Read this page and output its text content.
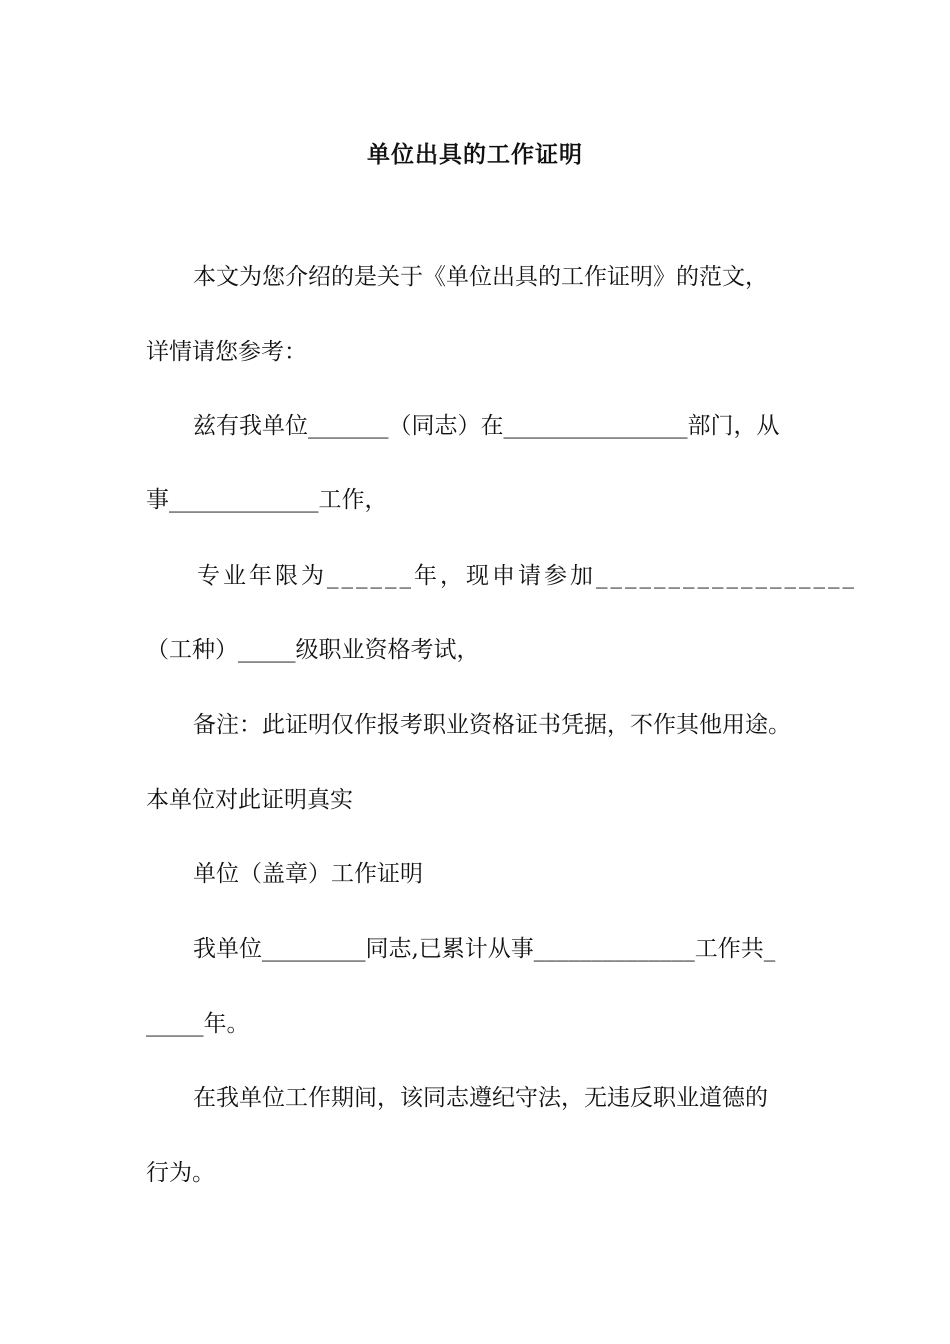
单位出具的工作证明
本文为您介绍的是关于《单位出具的工作证明》的范文，
详情请您参考：
兹有我单位_______（同志）在________________部门，从
事_____________工作，
专业年限为______年，现申请参加__________________
（工种）_____级职业资格考试，
备注：此证明仅作报考职业资格证书凭据，不作其他用途。
本单位对此证明真实
单位（盖章）工作证明
我单位_________同志,已累计从事______________工作共_
_____年。
在我单位工作期间，该同志遵纪守法，无违反职业道德的
行为。
